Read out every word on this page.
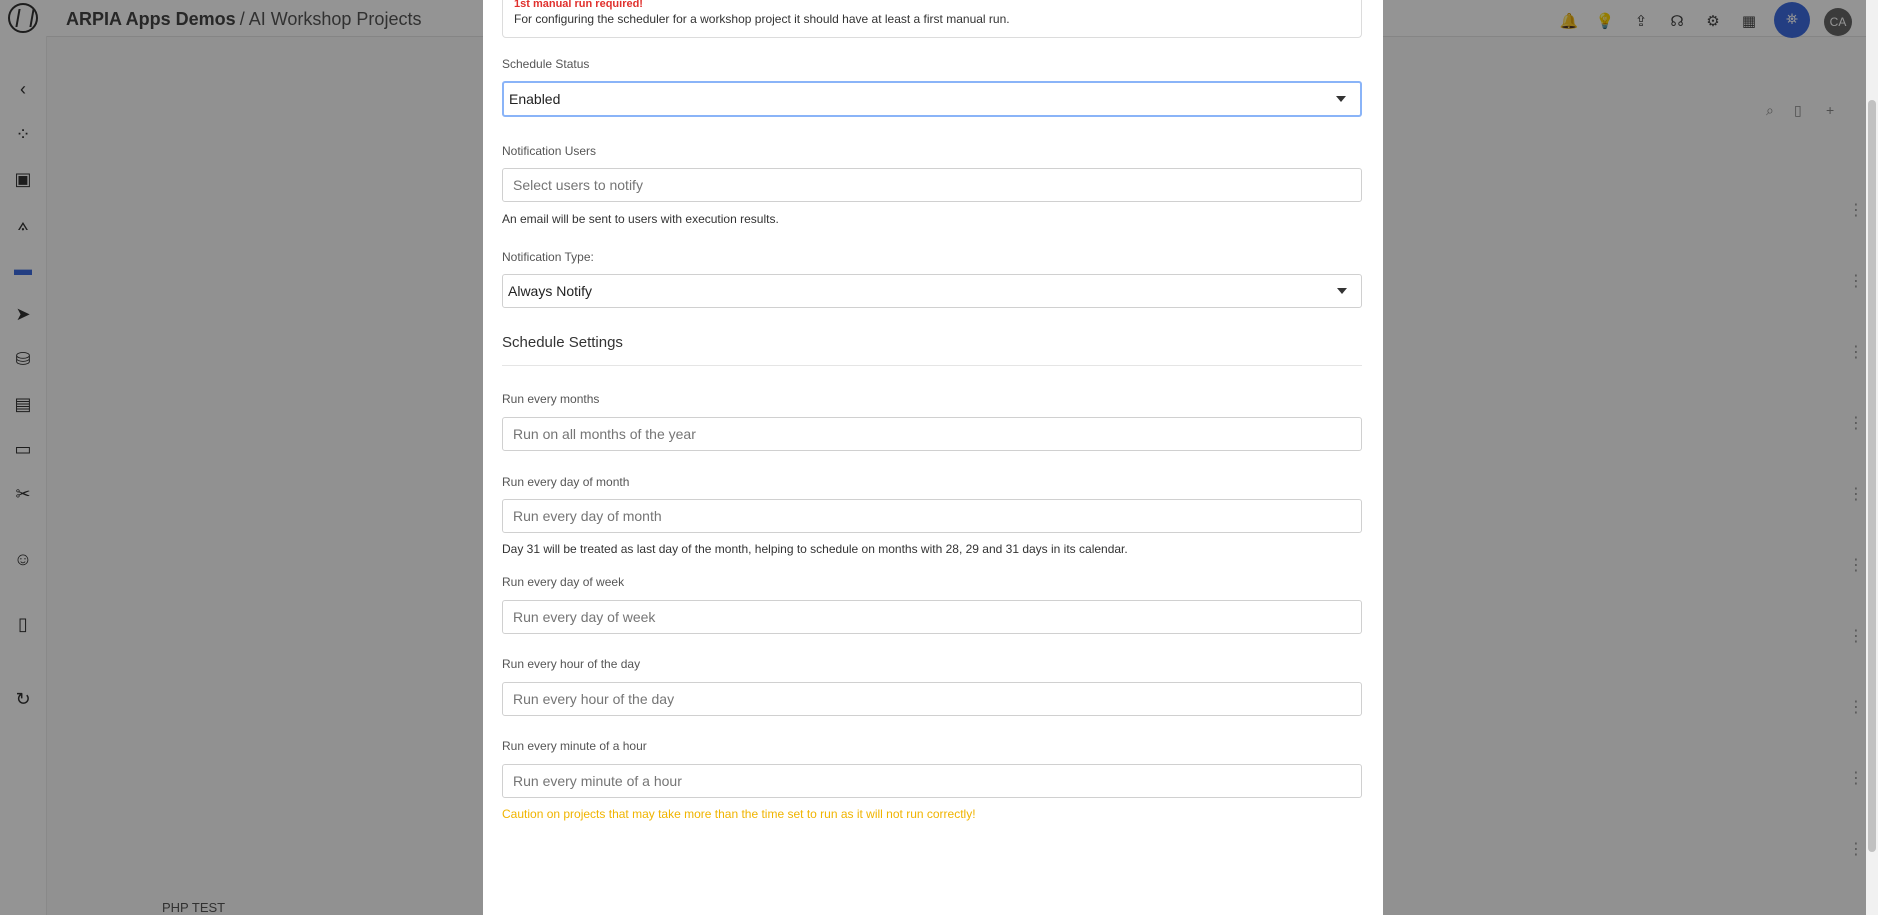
ARPIA Apps Demos / AI Workshop Projects	🔔 💡	⇪	☊ ⚙ ▦	⛯	CA
‹
⁘
▣
⟑
▬
➤
⛁
▤
▭
✂
☺
▯
↻
⌕ ▯ +
⋮
⋮
⋮
⋮
⋮
⋮
⋮
⋮
⋮
⋮
PHP TEST
1st manual run required!
For configuring the scheduler for a workshop project it should have at least a first manual run.
Schedule Status
Enabled
Notification Users
Select users to notify
An email will be sent to users with execution results.
Notification Type:
Always Notify
Schedule Settings
Run every months
Run on all months of the year
Run every day of month
Run every day of month
Day 31 will be treated as last day of the month, helping to schedule on months with 28, 29 and 31 days in its calendar.
Run every day of week
Run every day of week
Run every hour of the day
Run every hour of the day
Run every minute of a hour
Run every minute of a hour
Caution on projects that may take more than the time set to run as it will not run correctly!
